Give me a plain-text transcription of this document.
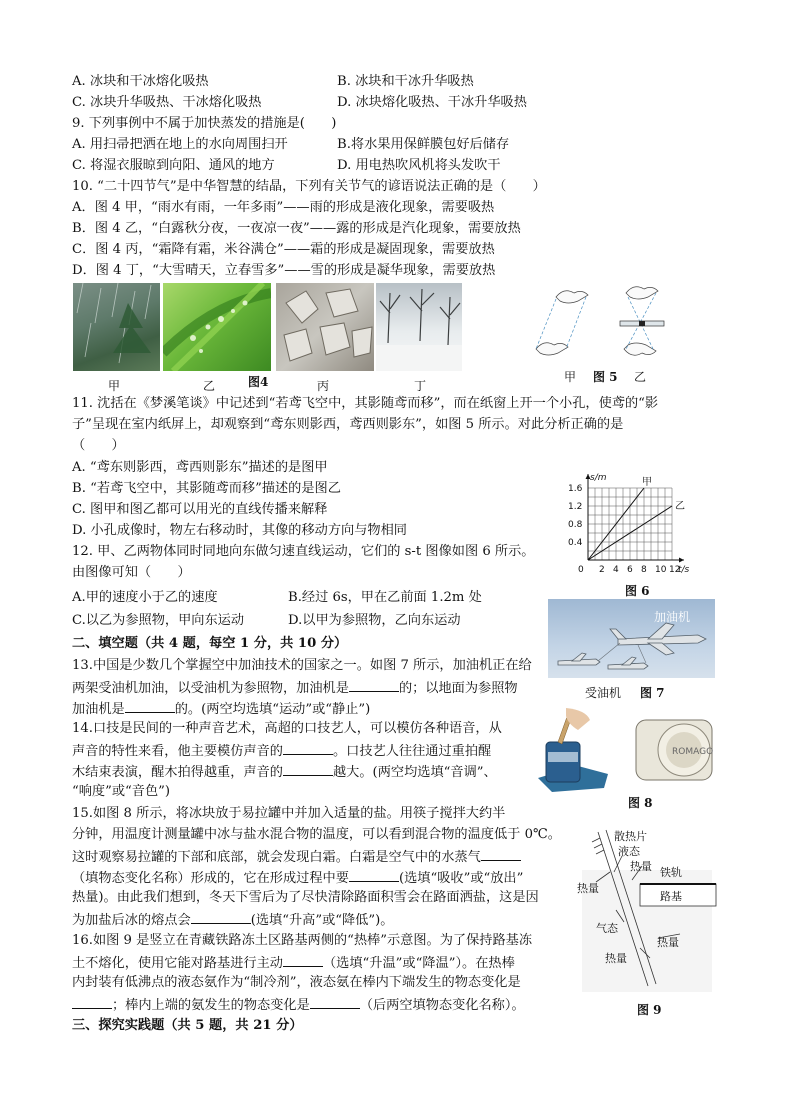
A. 冰块和干冰熔化吸热	B. 冰块和干冰升华吸热
C. 冰块升华吸热、干冰熔化吸热	D. 冰块熔化吸热、干冰升华吸热
9. 下列事例中不属于加快蒸发的措施是(　　)
A. 用扫帚把洒在地上的水向周围扫开	B.将水果用保鲜膜包好后储存
C. 将湿衣服晾到向阳、通风的地方	D. 用电热吹风机将头发吹干
10. “二十四节气”是中华智慧的结晶，下列有关节气的谚语说法正确的是（　　）
A．图 4 甲，“雨水有雨，一年多雨”——雨的形成是液化现象，需要吸热
B．图 4 乙，“白露秋分夜，一夜凉一夜”——露的形成是汽化现象，需要放热
C．图 4 丙，“霜降有霜，米谷满仓”——霜的形成是凝固现象，需要放热
D．图 4 丁，“大雪晴天，立春雪多”——雪的形成是凝华现象，需要放热
甲	乙	图4	丙	丁
甲 图 5 乙
11. 沈括在《梦溪笔谈》中记述到“若鸢飞空中，其影随鸢而移”，而在纸窗上开一个小孔，使鸢的“影
子”呈现在室内纸屏上，却观察到“鸢东则影西，鸢西则影东”，如图 5 所示。对此分析正确的是
（　　）
A. “鸢东则影西，鸢西则影东”描述的是图甲
B. “若鸢飞空中，其影随鸢而移”描述的是图乙
C. 图甲和图乙都可以用光的直线传播来解释
D. 小孔成像时，物左右移动时，其像的移动方向与物相同
12. 甲、乙两物体同时同地向东做匀速直线运动，它们的 s-t 图像如图 6 所示。
由图像可知（　　）
A.甲的速度小于乙的速度	B.经过 6s，甲在乙前面 1.2m 处
C.以乙为参照物，甲向东运动	D.以甲为参照物，乙向东运动
甲
乙
0 2 4 6 8 10 12
0.4
0.8
1.2
1.6
t/s
s/m
图 6
二、填空题（共 4 题，每空 1 分，共 10 分）
加油机
受油机 图 7
13.中国是少数几个掌握空中加油技术的国家之一。如图 7 所示，加油机正在给
两架受油机加油，以受油机为参照物，加油机是	的；以地面为参照物
加油机是	的。(两空均选填“运动”或“静止”)
ROMAGO
图 8
14.口技是民间的一种声音艺术，高超的口技艺人，可以模仿各种语音，从
声音的特性来看，他主要模仿声音的	。口技艺人往往通过重拍醒
木结束表演，醒木拍得越重，声音的	越大。(两空均选填“音调”、
“响度”或“音色”)
15.如图 8 所示，将冰块放于易拉罐中并加入适量的盐。用筷子搅拌大约半
分钟，用温度计测量罐中冰与盐水混合物的温度，可以看到混合物的温度低于 0℃。
这时观察易拉罐的下部和底部，就会发现白霜。白霜是空气中的水蒸气
（填物态变化名称）形成的，它在形成过程中要	(选填“吸收”或“放出”
热量)。由此我们想到，冬天下雪后为了尽快清除路面积雪会在路面洒盐，这是因
为加盐后冰的熔点会	(选填“升高”或“降低”)。
16.如图 9 是竖立在青藏铁路冻土区路基两侧的“热棒”示意图。为了保持路基冻
土不熔化，使用它能对路基进行主动	（选填“升温”或“降温”）。在热棒
内封装有低沸点的液态氨作为“制冷剂”，液态氨在棒内下端发生的物态变化是
；棒内上端的氨发生的物态变化是	（后两空填物态变化名称）。
散热片
液态
热量 铁轨
热量
路基
气态
热量
热量
图 9
三、探究实践题（共 5 题，共 21 分）
